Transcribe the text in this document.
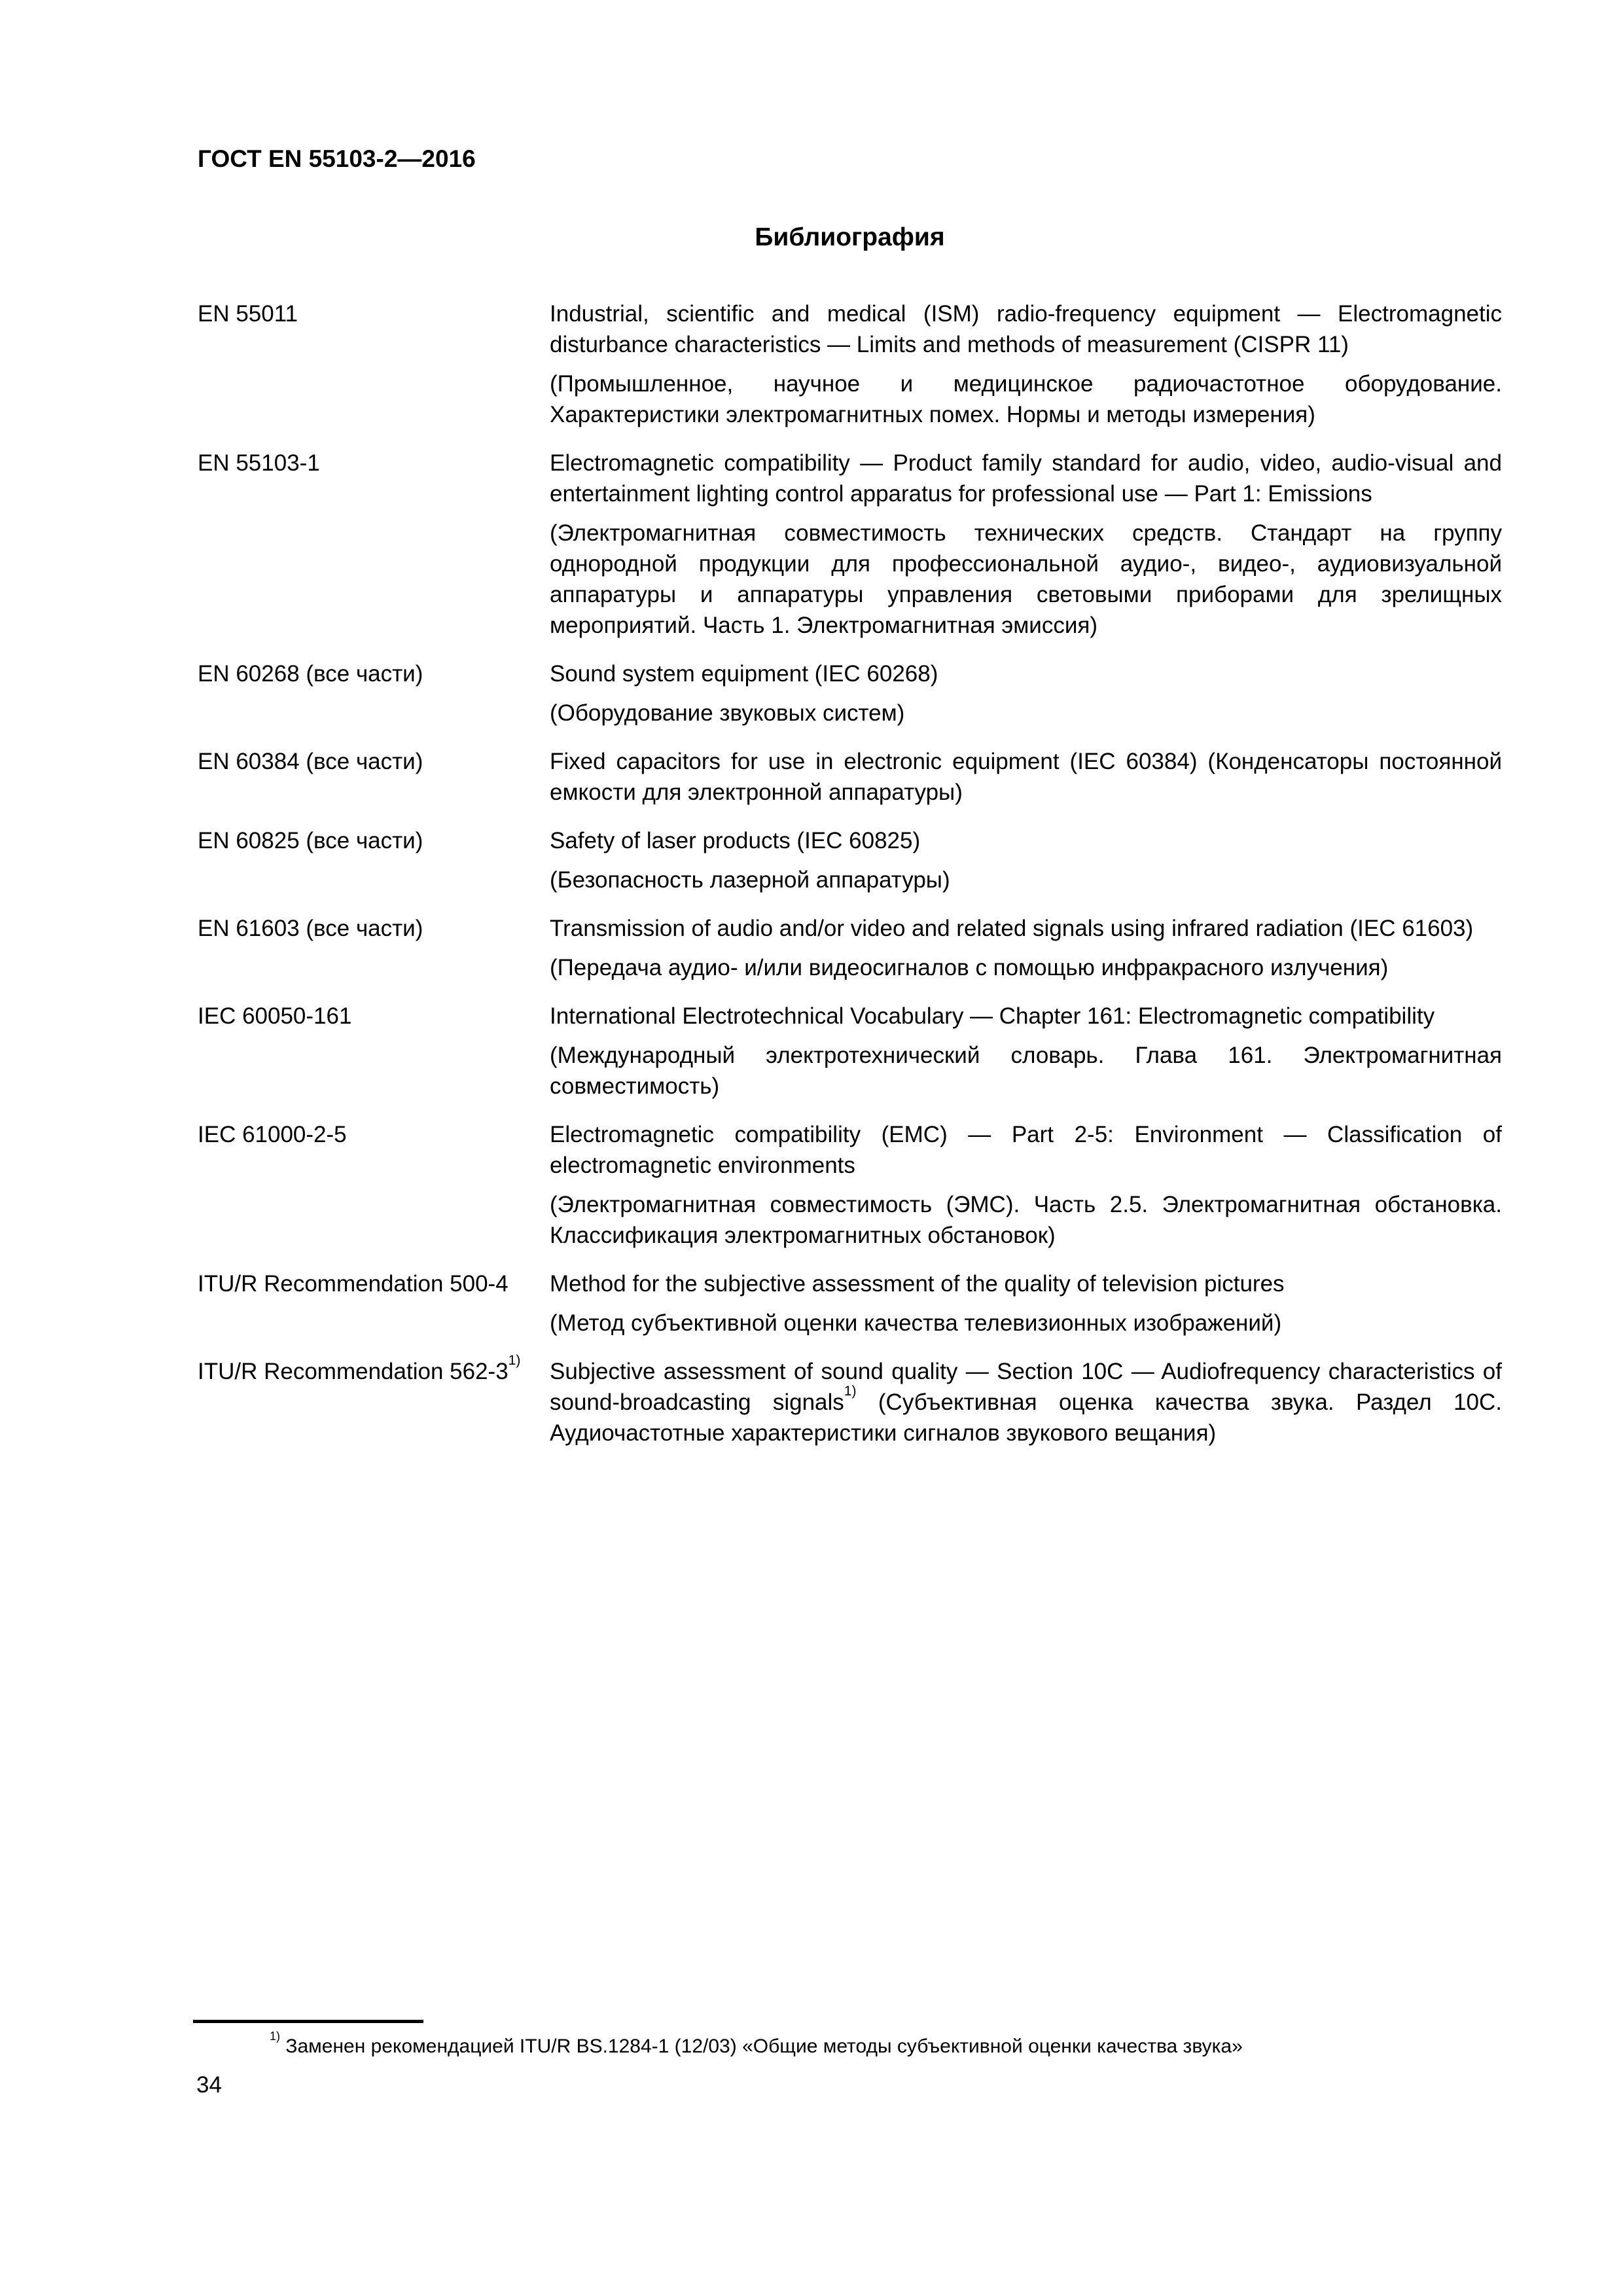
ГОСТ EN 55103-2—2016
Библиография
EN 55011	Industrial, scientific and medical (ISM) radio-frequency equipment — Electromagnetic disturbance characteristics — Limits and methods of measurement (CISPR 11)

(Промышленное, научное и медицинское радиочастотное оборудование. Характеристики электромагнитных помех. Нормы и методы измерения)

EN 55103-1	Electromagnetic compatibility — Product family standard for audio, video, audio-visual and entertainment lighting control apparatus for professional use — Part 1: Emissions

(Электромагнитная совместимость технических средств. Стандарт на группу однородной продукции для профессиональной аудио-, видео-, аудиовизуальной аппаратуры и аппаратуры управления световыми приборами для зрелищных мероприятий. Часть 1. Электромагнитная эмиссия)

EN 60268 (все части)	Sound system equipment (IEC 60268)

(Оборудование звуковых систем)

EN 60384 (все части)	Fixed capacitors for use in electronic equipment (IEC 60384) (Конденсаторы постоянной емкости для электронной аппаратуры)

EN 60825 (все части)	Safety of laser products (IEC 60825)

(Безопасность лазерной аппаратуры)

EN 61603 (все части)	Transmission of audio and/or video and related signals using infrared radiation (IEC 61603)

(Передача аудио- и/или видеосигналов с помощью инфракрасного излучения)

IEC 60050-161	International Electrotechnical Vocabulary — Chapter 161: Electromagnetic compatibility

(Международный электротехнический словарь. Глава 161. Электромагнитная совместимость)

IEC 61000-2-5	Electromagnetic compatibility (EMC) — Part 2-5: Environment — Classification of electromagnetic environments

(Электромагнитная совместимость (ЭМС). Часть 2.5. Электромагнитная обстановка. Классификация электромагнитных обстановок)

ITU/R Recommendation 500-4	Method for the subjective assessment of the quality of television pictures

(Метод субъективной оценки качества телевизионных изображений)

ITU/R Recommendation 562-3$^{1)}$	Subjective assessment of sound quality — Section 10C — Audiofrequency characteristics of sound-broadcasting signals$^{1)}$ (Субъективная оценка качества звука. Раздел 10C. Аудиочастотные характеристики сигналов звукового вещания)

$^{1)}$ Заменен рекомендацией ITU/R BS.1284-1 (12/03) «Общие методы субъективной оценки качества звука»
34
